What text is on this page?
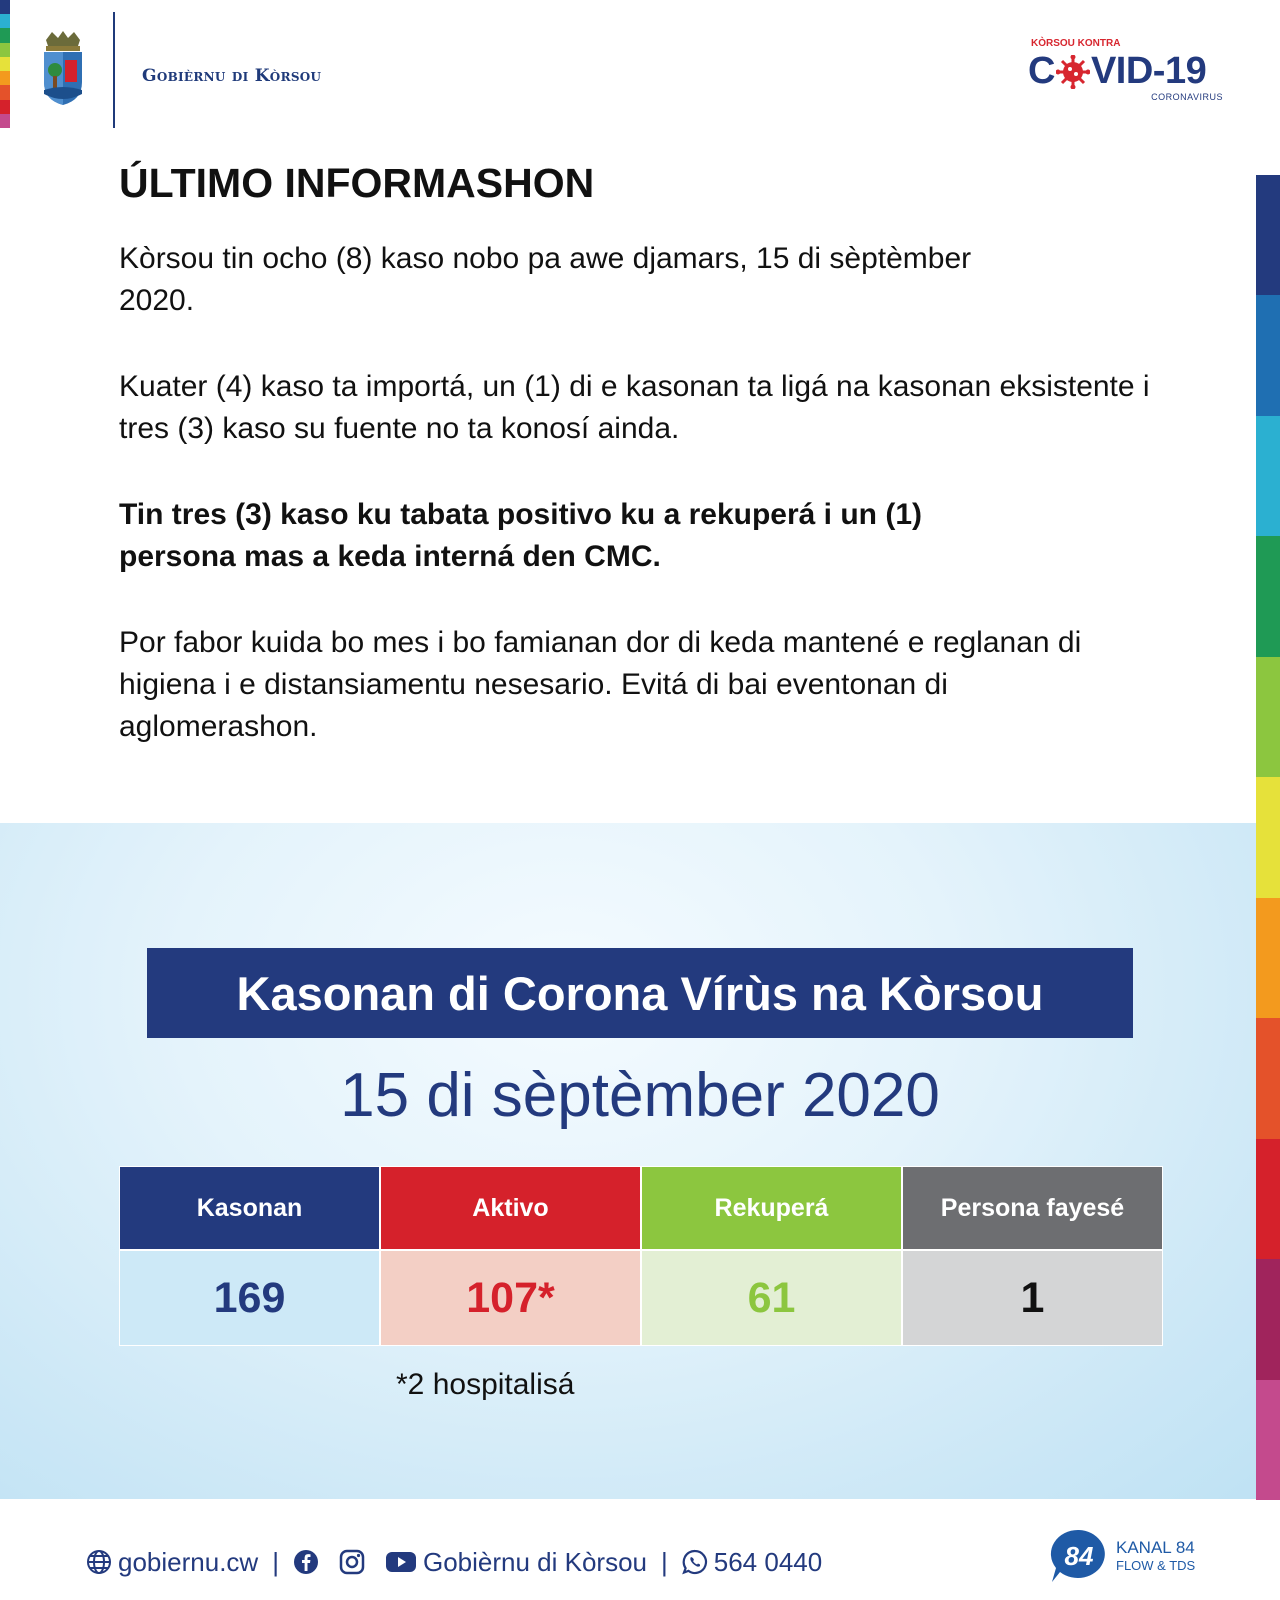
Gobièrnu di Kòrsou
KÒRSOU KONTRA
C VID-19
CORONAVIRUS
ÚLTIMO INFORMASHON

Kòrsou tin ocho (8) kaso nobo pa awe djamars, 15 di sèptèmber 2020.

Kuater (4) kaso ta importá, un (1) di e kasonan ta ligá na kasonan eksistente i tres (3) kaso su fuente no ta konosí ainda.

Tin tres (3) kaso ku tabata positivo ku a rekuperá i un (1) persona mas a keda interná den CMC.

Por fabor kuida bo mes i bo famianan dor di keda mantené e reglanan di higiena i e distansiamentu nesesario. Evitá di bai eventonan di aglomerashon.

Kasonan di Corona Vírùs na Kòrsou
15 di sèptèmber 2020
Kasonan
169
Aktivo
107*
Rekuperá
61
Persona fayesé
1
*2 hospitalisá
gobiernu.cw |	Gobièrnu di Kòrsou | 564 0440	84 KANAL 84
FLOW & TDS
